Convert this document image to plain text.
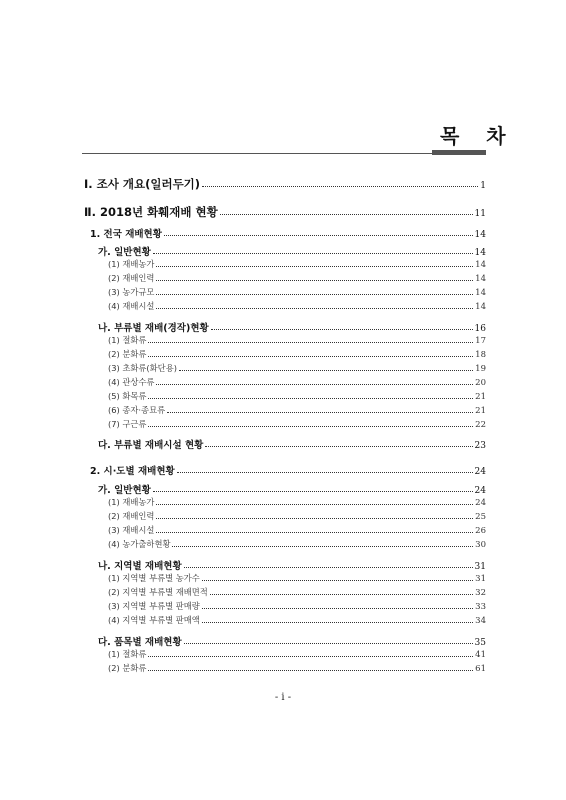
목 차
Ⅰ. 조사 개요(일러두기)	1
Ⅱ. 2018년 화훼재배 현황	11
1. 전국 재배현황	14
가. 일반현황	14
(1) 재배농가	14
(2) 재배인력	14
(3) 농가규모	14
(4) 재배시설	14
나. 부류별 재배(경작)현황	16
(1) 절화류	17
(2) 분화류	18
(3) 초화류(화단용)	19
(4) 관상수류	20
(5) 화목류	21
(6) 종자·종묘류	21
(7) 구근류	22
다. 부류별 재배시설 현황	23
2. 시·도별 재배현황	24
가. 일반현황	24
(1) 재배농가	24
(2) 재배인력	25
(3) 재배시설	26
(4) 농가출하현황	30
나. 지역별 재배현황	31
(1) 지역별 부류별 농가수	31
(2) 지역별 부류별 재배면적	32
(3) 지역별 부류별 판매량	33
(4) 지역별 부류별 판매액	34
다. 품목별 재배현황	35
(1) 절화류	41
(2) 분화류	61
- i -
